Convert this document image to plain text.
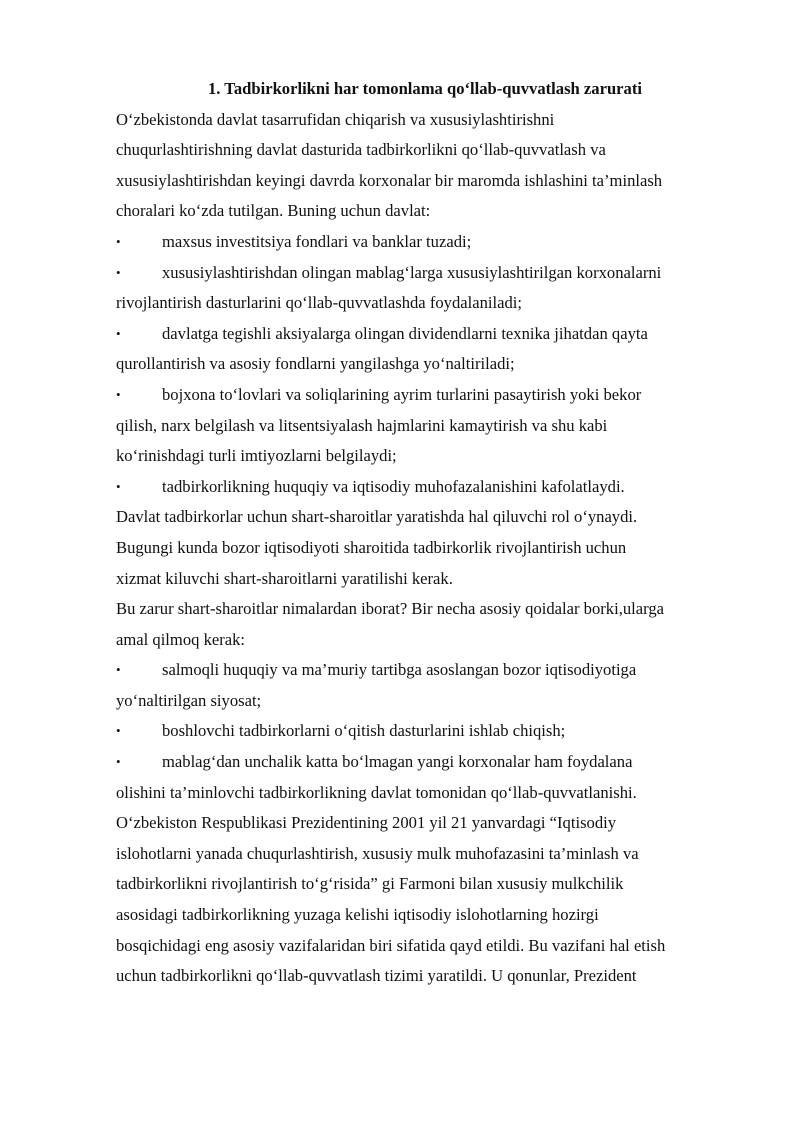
1. Tadbirkorlikni har tomonlama qo‘llab-quvvatlash zarurati

O‘zbekistonda davlat tasarrufidan chiqarish va xususiylashtirishni
chuqurlashtirishning davlat dasturida tadbirkorlikni qo‘llab-quvvatlash va
xususiylashtirishdan keyingi davrda korxonalar bir maromda ishlashini ta’minlash
choralari ko‘zda tutilgan. Buning uchun davlat:
•	maxsus investitsiya fondlari va banklar tuzadi;
•	xususiylashtirishdan olingan mablag‘larga xususiylashtirilgan korxonalarni
rivojlantirish dasturlarini qo‘llab-quvvatlashda foydalaniladi;
•	davlatga tegishli aksiyalarga olingan dividendlarni texnika jihatdan qayta
qurollantirish va asosiy fondlarni yangilashga yo‘naltiriladi;
•	bojxona to‘lovlari va soliqlarining ayrim turlarini pasaytirish yoki bekor
qilish, narx belgilash va litsentsiyalash hajmlarini kamaytirish va shu kabi
ko‘rinishdagi turli imtiyozlarni belgilaydi;
•	tadbirkorlikning huquqiy va iqtisodiy muhofazalanishini kafolatlaydi.
Davlat tadbirkorlar uchun shart-sharoitlar yaratishda hal qiluvchi rol o‘ynaydi.
Bugungi kunda bozor iqtisodiyoti sharoitida tadbirkorlik rivojlantirish uchun
xizmat kiluvchi shart-sharoitlarni yaratilishi kerak.
Bu zarur shart-sharoitlar nimalardan iborat? Bir necha asosiy qoidalar borki,ularga
amal qilmoq kerak:
•	salmoqli huquqiy va ma’muriy tartibga asoslangan bozor iqtisodiyotiga
yo‘naltirilgan siyosat;
•	boshlovchi tadbirkorlarni o‘qitish dasturlarini ishlab chiqish;
•	mablag‘dan unchalik katta bo‘lmagan yangi korxonalar ham foydalana
olishini ta’minlovchi tadbirkorlikning davlat tomonidan qo‘llab-quvvatlanishi.
O‘zbekiston Respublikasi Prezidentining 2001 yil 21 yanvardagi “Iqtisodiy
islohotlarni yanada chuqurlashtirish, xususiy mulk muhofazasini ta’minlash va
tadbirkorlikni rivojlantirish to‘g‘risida” gi Farmoni bilan xususiy mulkchilik
asosidagi tadbirkorlikning yuzaga kelishi iqtisodiy islohotlarning hozirgi
bosqichidagi eng asosiy vazifalaridan biri sifatida qayd etildi. Bu vazifani hal etish
uchun tadbirkorlikni qo‘llab-quvvatlash tizimi yaratildi. U qonunlar, Prezident
